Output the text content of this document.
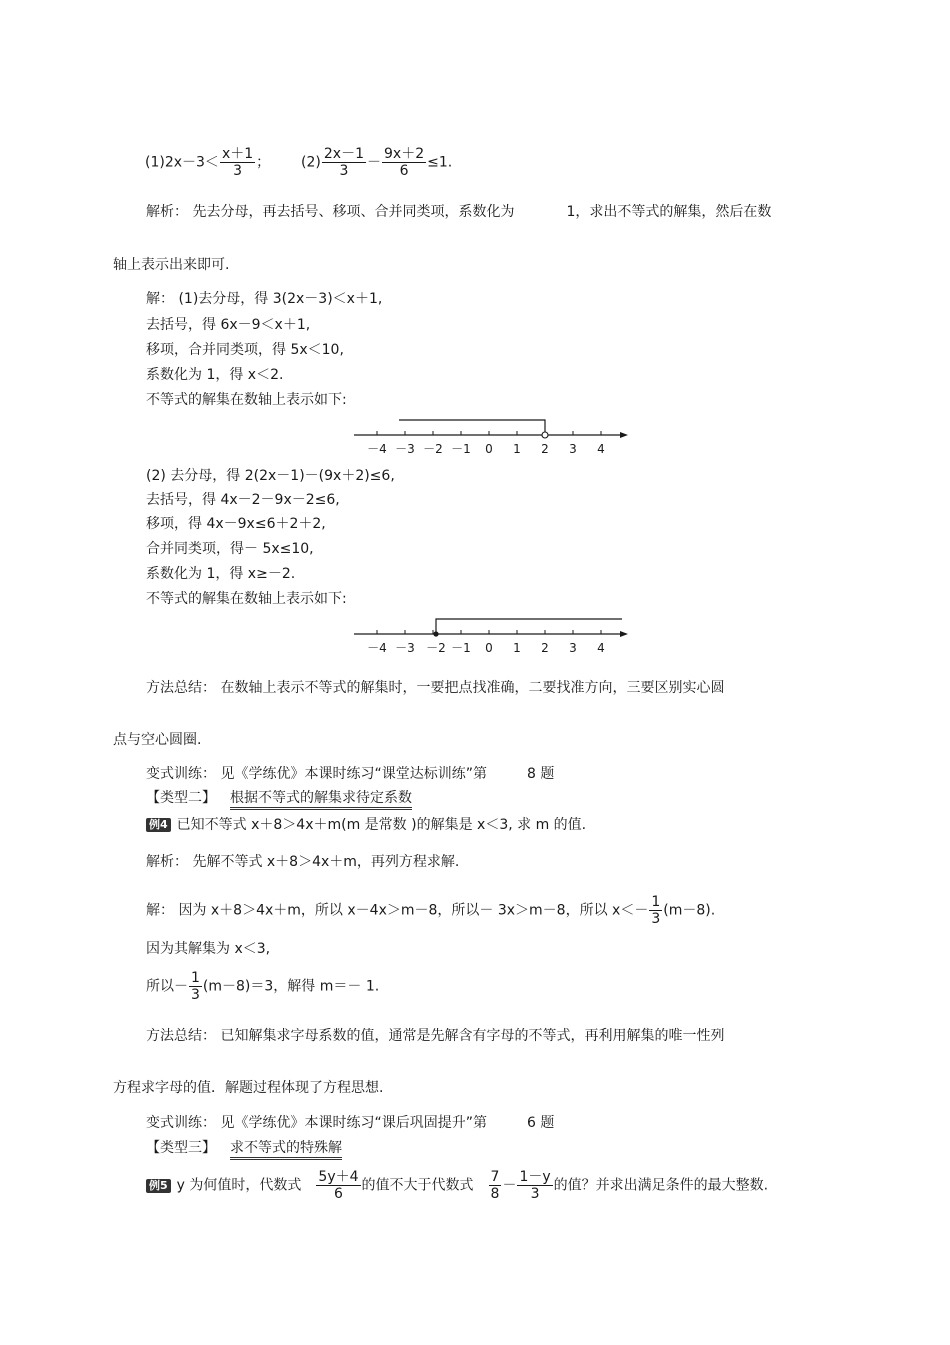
$(1)2x-3< \frac{x+1}{3}$ ； $(2) \frac{2x-1}{3} - \frac{9x+2}{6} \le 1$.
解析： 先去分母，再去括号、移项、合并同类项，系数化为	1，求出不等式的解集，然后在数
轴上表示出来即可.
解： (1)去分母，得 3(2x－3)＜x＋1,
去括号，得 6x－9＜x＋1,
移项，合并同类项，得 5x＜10,
系数化为 1，得 x＜2.
不等式的解集在数轴上表示如下:
－4 －3 －2 －1 0 1 2 3 4
(2) 去分母，得 2(2x－1)－(9x＋2)≤6,
去括号，得 4x－2－9x－2≤6,
移项，得 4x－9x≤6＋2＋2,
合并同类项，得－ 5x≤10,
系数化为 1，得 x≥－2.
不等式的解集在数轴上表示如下:
－4 －3 －2 －1 0 1 2 3 4
方法总结： 在数轴上表示不等式的解集时，一要把点找准确，二要找准方向，三要区别实心圆
点与空心圆圈.
变式训练： 见《学练优》本课时练习“课堂达标训练”第	8 题
【类型二】 根据不等式的解集求待定系数
例4 已知不等式 x＋8＞4x＋m(m 是常数 )的解集是 x＜3, 求 m 的值.
解析： 先解不等式 x＋8＞4x＋m，再列方程求解.
解： 因为 x＋8＞4x＋m，所以 x－4x＞m－8，所以－ 3x＞m－8，所以 $x<- \frac{1}{3} (m-8)$.
因为其解集为 x＜3,
所以－ $\frac{1}{3} (m-8)=3$，解得 m＝－ 1.
方法总结： 已知解集求字母系数的值，通常是先解含有字母的不等式，再利用解集的唯一性列
方程求字母的值．解题过程体现了方程思想.
变式训练： 见《学练优》本课时练习“课后巩固提升”第	6 题
【类型三】 求不等式的特殊解
例5 y 为何值时，代数式 $\frac{5y+4}{6}$ 的值不大于代数式 $\frac{7}{8} - \frac{1-y}{3}$ 的值？并求出满足条件的最大整数.
